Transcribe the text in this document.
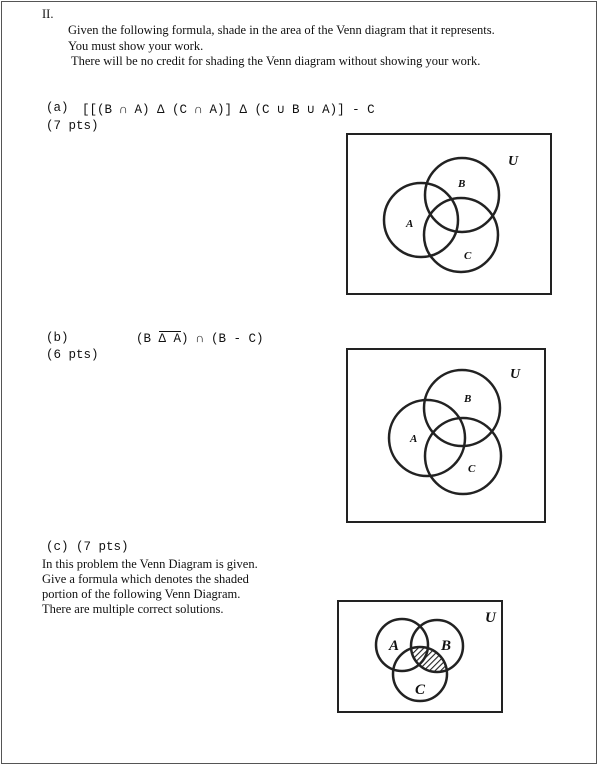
II.
Given the following formula, shade in the area of the Venn diagram that it represents.
You must show your work.
There will be no credit for shading the Venn diagram without showing your work.
(a) [[(B ∩ A) Δ (C ∩ A)] Δ (C ∪ B ∪ A)] - C
(7 pts)
U
B
A
C
(b)
(6 pts)
(B Δ A) ∩ (B - C)
U
B
A
C
(c) (7 pts)
In this problem the Venn Diagram is given.
Give a formula which denotes the shaded
portion of the following Venn Diagram.
There are multiple correct solutions.
U
A	B
C
